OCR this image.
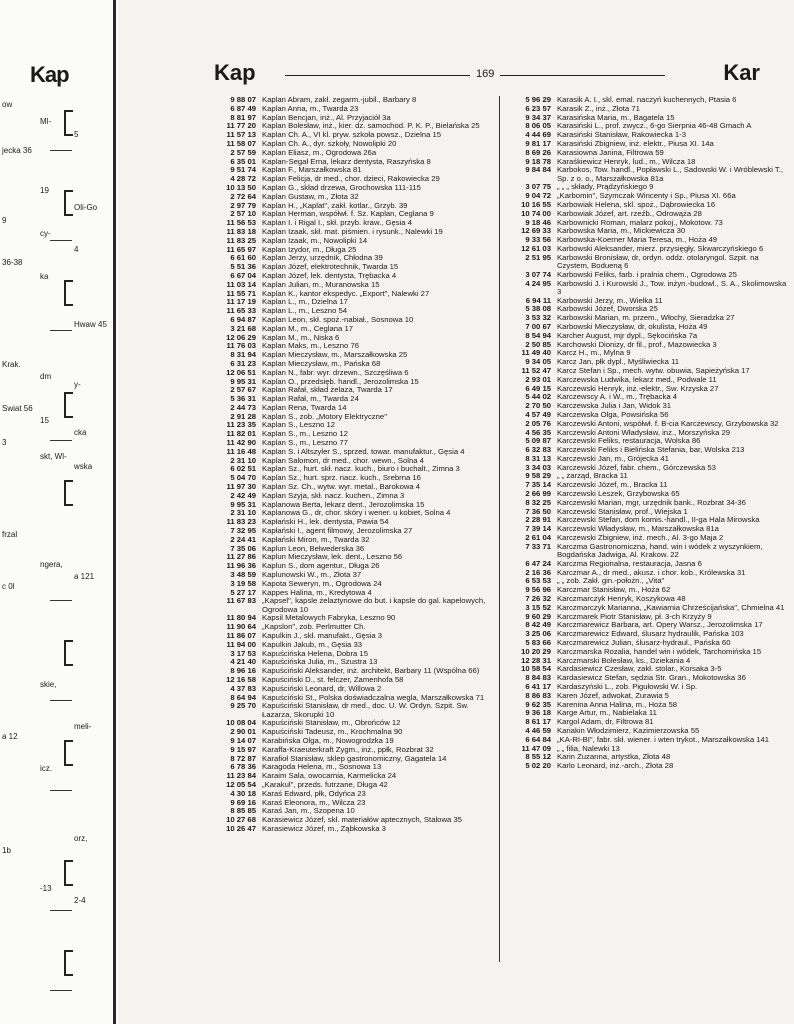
Kap
ow
Ml-
5
jecka 36
19
Oli-Go
9
cy-
4
36-38
ka
Hwaw 45
Krak.
dm
y-
Swiat 56
15
cka
3
skt, Wl-
wska
frzal
ngera,
a 121
c 0l
skie,
meli-
a 12
icz.
orz,
1b
-13
2-4
Kap	169	Kar
9 88 07 Kaplan Abram, zakł. zegarm.-jubil., Barbary 8
6 87 49 Kaplan Anna, m., Twarda 23
8 81 97 Kaplan Bencjan, inż., Al. Przyjaciół 3a
11 77 20 Kaplan Bolesław, inż., kier. dz. samochod. P. K. P., Bielańska 25
11 57 13 Kaplan Ch. A., VI kl. pryw. szkoła powsz., Dzielna 15
11 58 07 Kaplan Ch. A., dyr. szkoły, Nowolipki 20
2 57 59 Kaplan Eliasz, m., Ogrodowa 26a
6 35 01 Kaplan-Segał Erna, lekarz dentysta, Raszyńska 8
9 51 74 Kaplan F., Marszałkowska 81
4 28 72 Kaplan Felicja, dr med., chor. dzieci, Rakowiecka 29
10 13 50 Kaplan G., skład drzewa, Grochowska 111-115
2 72 64 Kaplan Gustaw, m., Złota 32
2 97 79 Kaplan H., „Kaplat", zakł. kotlar., Grzyb. 39
2 57 10 Kaplan Herman, współwł. f. Sz. Kaplan, Ceglana 9
11 56 53 Kaplan I. i Rigal I., skł. przyb. kraw., Gęsia 4
11 83 18 Kaplan Izaak, skł. mat. piśmien. i rysunk., Nalewki 19
11 83 25 Kaplan Izaak, m., Nowolipki 14
11 65 97 Kaplan Izydor, m., Długa 25
6 61 60 Kaplan Jerzy, urzędnik, Chłodna 39
5 51 36 Kaplan Józef, elektrotechnik, Twarda 15
6 67 04 Kaplan Józef, lek. dentysta, Trębacka 4
11 03 14 Kaplan Julian, m., Muranowska 15
11 55 71 Kaplan K., kantor ekspedyc. „Export", Nalewki 27
11 17 19 Kaplan L., m., Dzielna 17
11 65 33 Kaplan L., m., Leszno 54
6 94 87 Kaplan Leon, skł. spoż.-nabiał., Sosnowa 10
3 21 68 Kaplan M., m., Ceglana 17
12 06 29 Kaplan M., m., Niska 6
11 76 03 Kaplan Maks, m., Leszno 76
8 31 94 Kaplan Mieczysław, m., Marszałkowska 25
6 31 23 Kaplan Mieczysław, m., Pańska 68
12 06 51 Kaplan N., fabr. wyr. drzewn., Szczęśliwa 6
9 95 31 Kaplan O., przedsięb. handl., Jerozolimska 15
2 57 67 Kaplan Rafał, skład żelaza, Twarda 17
5 36 31 Kaplan Rafał, m., Twarda 24
2 44 73 Kaplan Rena, Twarda 14
2 91 28 Kaplan S., zob. „Motory Elektryczne"
11 23 35 Kaplan S., Leszno 12
11 82 01 Kaplan S., m., Leszno 12
11 42 90 Kaplan S., m., Leszno 77
11 16 48 Kaplan S. i Altszyler S., sprzed. towar. manufaktur., Gęsia 4
2 31 10 Kaplan Salomon, dr med., chor. wewn., Solna 4
6 02 51 Kaplan Sz., hurt. skł. nacz. kuch., biuro i buchalt., Zimna 3
5 04 70 Kaplan Sz., hurt. sprz. nacz. kuch., Srebrna 16
11 97 30 Kaplan Sz. Ch., wytw. wyr. metal., Barokowa 4
2 42 49 Kaplan Szyja, skł. nacz. kuchen., Zimna 3
9 95 31 Kaplanowa Berta, lekarz dent., Jerozolimska 15
2 31 10 Kaplanowa G., dr, chor. skóry i wener. u kobiet, Solna 4
11 83 23 Kapłański H., lek. dentysta, Pawia 54
7 32 95 Kapłański I., agent filmowy, Jerozolimska 27
2 24 41 Kapłański Miron, m., Twarda 32
7 35 06 Kaplun Leon, Belwederska 36
11 27 86 Kaplun Mieczysław, lek. dent., Leszno 56
11 96 36 Kaplun S., dom agentur., Długa 26
3 48 59 Kaplunowski W., m., Złota 37
3 19 58 Kapota Seweryn, m., Ogrodowa 24
5 27 17 Kappes Halina, m., Kredytowa 4
11 67 83 „Kapsel", kapsle żelaztynowe do but. i kapsle do gal. kapelowych, Ogrodowa 10
11 80 94 Kapsil Metalowych Fabryka, Leszno 90
11 90 64 „Kapslon", zob. Perlmutter Ch.
11 86 07 Kapulkin J., skł. manufakt., Gęsia 3
11 94 00 Kapulkin Jakub, m., Gęsia 33
3 17 53 Kapuścińska Helena, Dobra 15
4 21 40 Kapuścińska Julia, m., Szustra 13
8 96 16 Kapuściński Aleksander, inż. architekt, Barbary 11 (Wspólna 66)
12 16 58 Kapuściński D., st. felczer, Zamenhofa 58
4 37 83 Kapuściński Leonard, dr, Willowa 2
8 64 94 Kapuściński St., Polska doświadczalna wegla, Marszałkowska 71
9 25 70 Kapuściński Stanisław, dr med., doc. U. W. Ordyn. Szpit. Św. Łazarza, Skorupki 10
10 08 04 Kapuściński Stanisław, m., Obrońców 12
2 90 01 Kapuściński Tadeusz, m., Krochmalna 90
9 14 07 Karabińska Olga, m., Nowogrodzka 19
9 15 97 Karaffa-Kraeuterkraft Zygm., inż., ppłk, Rozbrat 32
8 72 87 Karafioł Stanisław, sklep gastronomiczny, Gagatela 14
6 78 36 Karagoda Helena, m., Sosnowa 13
11 23 84 Karaim Sala, owocarnia, Karmelicka 24
12 05 54 „Karakul", przeds. futrzane, Długa 42
4 30 18 Karaś Edward, płk, Odyńca 23
9 69 16 Karaś Eleonora, m., Wilcza 23
8 85 85 Karaś Jan, m., Szopena 10
10 27 68 Karasiewicz Józef, skł. materiałów aptecznych, Stalowa 35
10 26 47 Karasiewicz Józef, m., Ząbkowska 3
5 96 29 Karasik A. I., skl. emal. naczyń kuchennych, Ptasia 6
6 23 57 Karasik Z., inż., Złota 71
9 34 37 Karasińska Maria, m., Bagatela 15
8 06 05 Karasiński L., prof. zwycz., 6-go Sierpnia 46-48 Gmach A
4 44 69 Karasiński Stanisław, Rakowiecka 1-3
9 81 17 Karasiński Zbigniew, inż. elektr., Piusa XI. 14a
8 69 26 Karasiowna Janina, Filtrowa 59
9 18 78 Karaśkiewicz Henryk, lud., m., Wilcza 18
9 84 84 Karbokos, Tow. handl., Popławski L., Sadowski W. i Wróblewski T., Sp. z o. o., Marszałkowska 81a
3 07 75 „ „ „ składy, Prądzyńskiego 9
9 04 72 „Karbomin", Szymczak Wincenty i Sp., Piusa XI. 66a
10 16 55 Karbowiak Helena, skl. spoż., Dąbrowiecka 16
10 74 00 Karbowiak Józef, art. rzeźb., Odrowąża 28
9 18 46 Karbownicki Roman, malarz pokoj., Mokotow. 73
12 69 33 Karbowska Maria, m., Mickiewicza 30
9 33 56 Karbowska-Koerner Maria Teresa, m., Hoża 49
12 61 03 Karbowski Aleksander, mierz. przysięgły, Skwarczyńskiego 6
2 51 95 Karbowski Bronisław, dr, ordyn. oddz. otolaryngol. Szpit. na Czystem, Bodueną 6
3 07 74 Karbowski Feliks, farb. i pralnia chem., Ogrodowa 25
4 24 95 Karbowski J. i Kurowski J., Tow. inżyn.-budowl., S. A., Skolimowska 3
6 94 11 Karbowski Jerzy, m., Wielka 11
5 38 08 Karbowski Józef, Dworska 25
3 53 32 Karbowski Marian, m. przem., Włochy, Sieradzka 27
7 00 67 Karbowski Mieczysław, dr, okulista, Hoża 49
8 54 94 Karcher August, mjr dypl., Sękocińska 7a
2 50 85 Karchowski Dionizy, dr fil., prof., Mazowiecka 3
11 49 40 Karcz H., m., Mylna 9
9 34 05 Karcz Jan, płk dypl., Myśliwiecka 11
11 52 47 Karcz Stefan i Sp., mech. wytw. obuwia, Sapieżyńska 17
2 93 01 Karczewska Ludwika, lekarz med., Podwale 11
6 49 15 Karczewski Henryk, inż.-elektr., Sw. Krzyska 27
5 44 02 Karczewscy A. i W., m., Trębacka 4
2 70 50 Karczewska Julia i Jan, Widok 31
4 57 49 Karczewska Olga, Powsińska 56
2 05 76 Karczewski Antoni, współwł. f. B-cia Karczewscy, Grzybowska 32
4 56 35 Karczewski Antoni Władysław, inż., Morszyńska 29
5 09 87 Karczewski Feliks, restauracja, Wolska 86
6 32 83 Karczewski Feliks i Bielińska Stefania, bar, Wolska 213
8 31 13 Karczewski Jan, m., Grójecka 41
3 34 03 Karczewski Józef, fabr. chem., Górczewska 53
9 58 29 „ „ zarząd, Bracka 11
7 35 14 Karczewski Józef, m., Bracka 11
2 66 99 Karczewski Leszek, Grzybowska 65
8 32 25 Karczewski Marian, mgr, urzędnik bank., Rozbrat 34-36
7 36 50 Karczewski Stanisław, prof., Wiejska 1
2 28 91 Karczewski Stefan, dom komis.-handl., II-ga Hala Mirowska
7 39 14 Karczewski Władysław, m., Marszałkowska 81a
2 61 04 Karczewski Zbigniew, inż. mech., Al. 3-go Maja 2
7 33 71 Karczma Gastronomiczna, hand. win i wódek z wyszynkiem, Bogdańska Jadwiga, Al. Krakow. 22
6 47 24 Karczma Regionalna, restauracja, Jasna 6
2 16 36 Karczmar A., dr med., akusz. i chor. kob., Królewska 31
6 53 53 „ „ zob. Zakł. gin.-położn., „Vita"
9 56 96 Karczmar Stanisław, m., Hoża 62
7 26 32 Karczmarczyk Henryk, Koszykowa 48
3 15 52 Karczmarczyk Marianna, „Kawiarnia Chrześcijańska", Chmielna 41
9 60 29 Karczmarek Piotr Stanisław, pł. 3-ch Krzyży 9
8 42 49 Karczmarewicz Barbara, art. Opery Warsz., Jerozolimska 17
3 25 06 Karczmarewicz Edward, ślusarz hydraulik, Pańska 103
5 83 66 Karczmarewicz Julian, ślusarz-hydraul., Pańska 60
10 20 29 Karczmarska Rozalia, handel win i wódek, Tarchomińska 15
12 28 31 Karczmarski Bolesław, ks., Dziekania 4
10 58 54 Kardasiewicz Czesław, zakł. stolar., Korsaka 3-5
8 84 83 Kardasiewicz Stefan, sędzia Str. Gran., Mokotowska 36
6 41 17 Kardaszyński L., zob. Pigułowski W. i Sp.
8 86 83 Karen Józef, adwokat, Żurawia 5
9 62 35 Karenina Anna Halina, m., Hoża 58
9 36 18 Karge Artur, m., Nabielaka 11
8 61 17 Kargol Adam, dr, Filtrowa 81
4 46 59 Kariakin Włodzimierz, Kazimierzowska 55
6 64 84 „KA-RI-BI", fabr. skł. wiener. i wten trykot., Marszałkowska 141
11 47 09 „ „ filia, Nalewki 13
8 55 12 Karin Zuzanna, artystka, Złota 48
5 02 20 Karlo Leonard, inż.-arch., Złota 28
